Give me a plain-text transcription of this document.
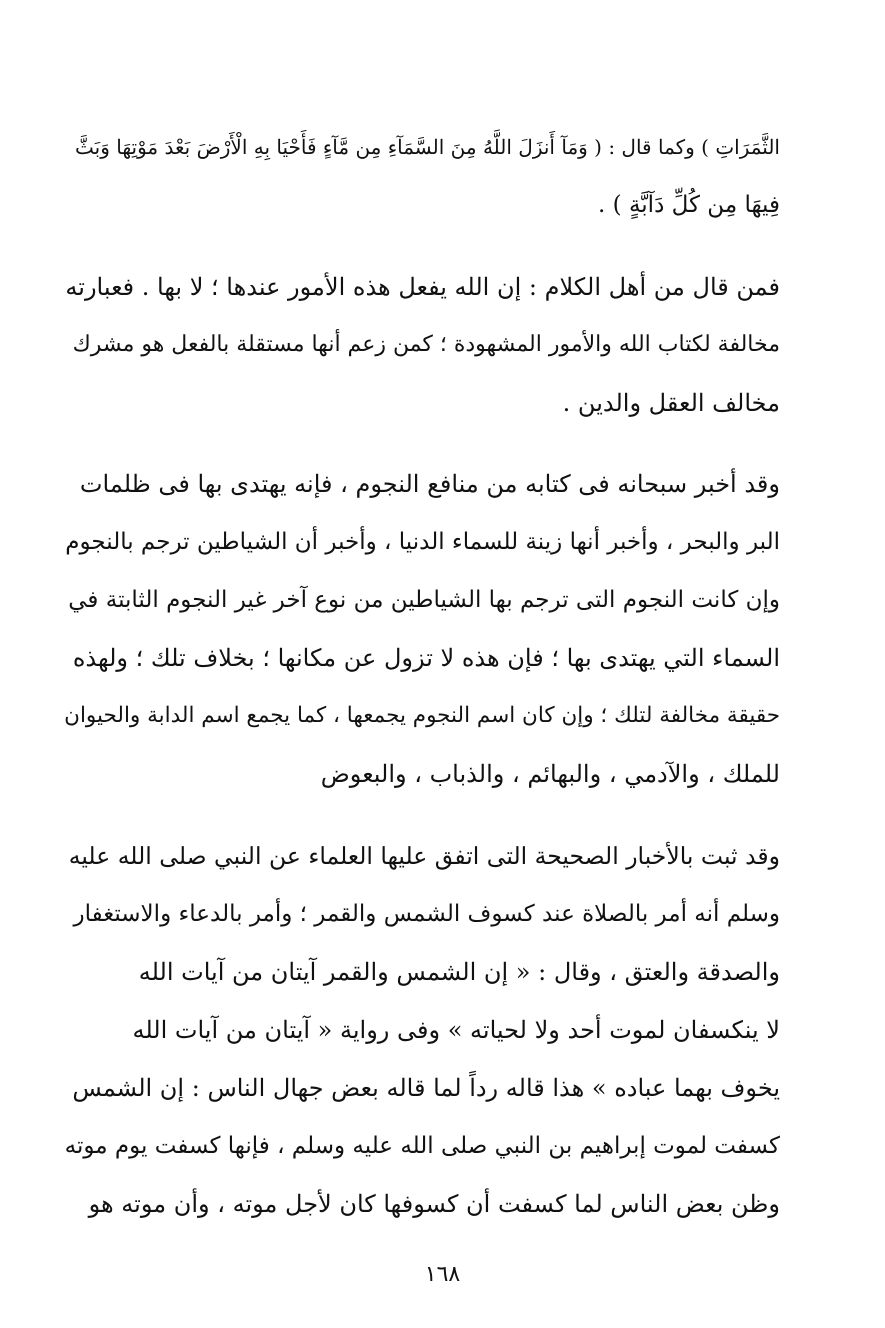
الثَّمَرَاتِ ) وكما قال : ( وَمَآ أَنزَلَ اللَّهُ مِنَ السَّمَآءِ مِن مَّآءٍ فَأَحْيَا بِهِ الْأَرْضَ بَعْدَ مَوْتِهَا وَبَثَّ
فِيهَا مِن كُلِّ دَآبَّةٍ ) .
فمن قال من أهل الكلام : إن الله يفعل هذه الأمور عندها ؛ لا بها . فعبارته
مخالفة لكتاب الله والأمور المشهودة ؛ كمن زعم أنها مستقلة بالفعل هو مشرك
مخالف العقل والدين .
وقد أخبر سبحانه فى كتابه من منافع النجوم ، فإنه يهتدى بها فى ظلمات
البر والبحر ، وأخبر أنها زينة للسماء الدنيا ، وأخبر أن الشياطين ترجم بالنجوم
وإن كانت النجوم التى ترجم بها الشياطين من نوع آخر غير النجوم الثابتة في
السماء التي يهتدى بها ؛ فإن هذه لا تزول عن مكانها ؛ بخلاف تلك ؛ ولهذه
حقيقة مخالفة لتلك ؛ وإن كان اسم النجوم يجمعها ، كما يجمع اسم الدابة والحيوان
للملك ، والآدمي ، والبهائم ، والذباب ، والبعوض
وقد ثبت بالأخبار الصحيحة التى اتفق عليها العلماء عن النبي صلى الله عليه
وسلم أنه أمر بالصلاة عند كسوف الشمس والقمر ؛ وأمر بالدعاء والاستغفار
والصدقة والعتق ، وقال : « إن الشمس والقمر آيتان من آيات الله
لا ينكسفان لموت أحد ولا لحياته » وفى رواية « آيتان من آيات الله
يخوف بهما عباده » هذا قاله رداً لما قاله بعض جهال الناس : إن الشمس
كسفت لموت إبراهيم بن النبي صلى الله عليه وسلم ، فإنها كسفت يوم موته
وظن بعض الناس لما كسفت أن كسوفها كان لأجل موته ، وأن موته هو
١٦٨
